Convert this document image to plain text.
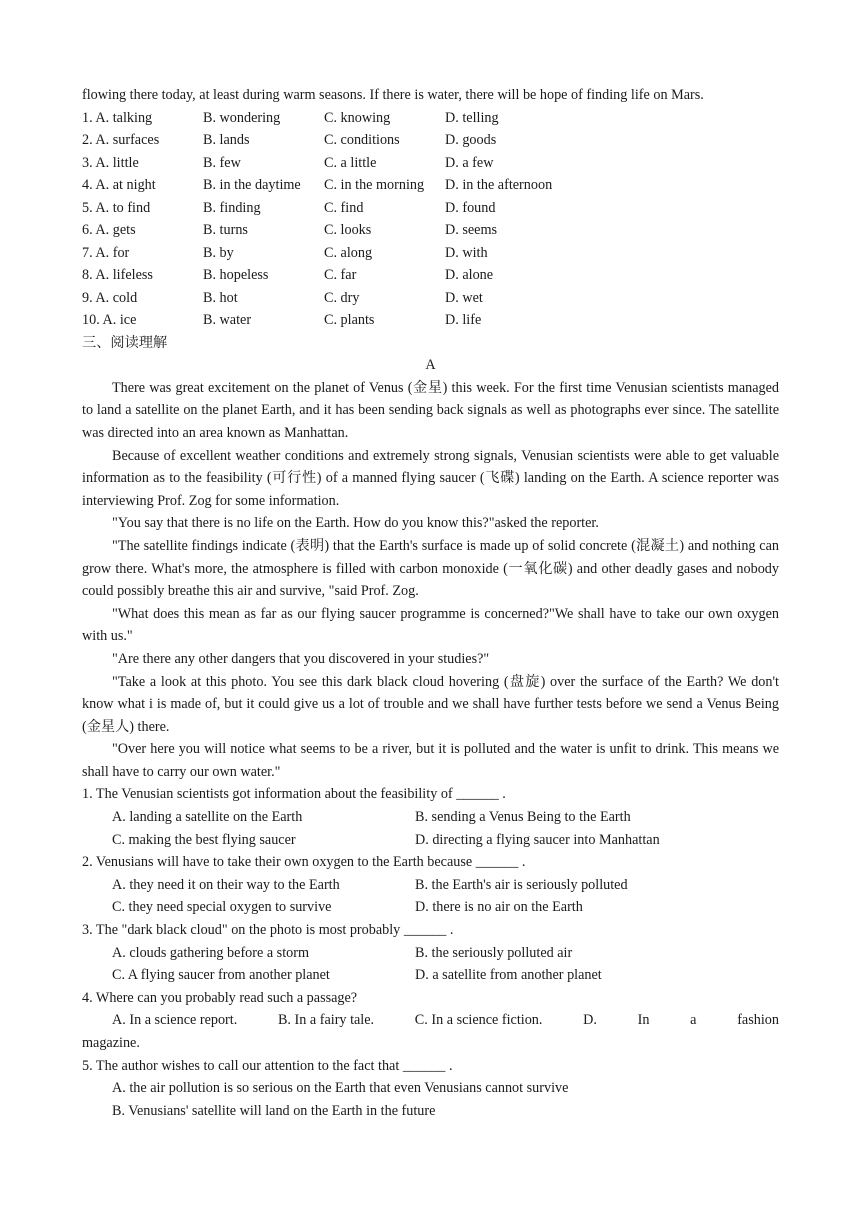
flowing there today, at least during warm seasons. If there is water, there will be hope of finding life on Mars.
1. A. talking	B. wondering	C. knowing	D. telling
2. A. surfaces	B. lands	C. conditions	D. goods
3. A. little	B. few	C. a little	D. a few
4. A. at night	B. in the daytime	C. in the morning	D. in the afternoon
5. A. to find	B. finding	C. find	D. found
6. A. gets	B. turns	C. looks	D. seems
7. A. for	B. by	C. along	D. with
8. A. lifeless	B. hopeless	C. far	D. alone
9. A. cold	B. hot	C. dry	D. wet
10. A. ice	B. water	C. plants	D. life
三、阅读理解
A

There was great excitement on the planet of Venus (金星) this week. For the first time Venusian scientists managed to land a satellite on the planet Earth, and it has been sending back signals as well as photographs ever since. The satellite was directed into an area known as Manhattan.

Because of excellent weather conditions and extremely strong signals, Venusian scientists were able to get valuable information as to the feasibility (可行性) of a manned flying saucer (飞碟) landing on the Earth. A science reporter was interviewing Prof. Zog for some information.

"You say that there is no life on the Earth. How do you know this?"asked the reporter.

"The satellite findings indicate (表明) that the Earth's surface is made up of solid concrete (混凝土) and nothing can grow there. What's more, the atmosphere is filled with carbon monoxide (一氧化碳) and other deadly gases and nobody could possibly breathe this air and survive, "said Prof. Zog.

"What does this mean as far as our flying saucer programme is concerned?"We shall have to take our own oxygen with us."

"Are there any other dangers that you discovered in your studies?"

"Take a look at this photo. You see this dark black cloud hovering (盘旋) over the surface of the Earth? We don't know what i is made of, but it could give us a lot of trouble and we shall have further tests before we send a Venus Being (金星人) there.

"Over here you will notice what seems to be a river, but it is polluted and the water is unfit to drink. This means we shall have to carry our own water."

1. The Venusian scientists got information about the feasibility of ______ .

A. landing a satellite on the Earth	B. sending a Venus Being to the Earth
C. making the best flying saucer	D. directing a flying saucer into Manhattan

2. Venusians will have to take their own oxygen to the Earth because ______ .

A. they need it on their way to the Earth	B. the Earth's air is seriously polluted
C. they need special oxygen to survive	D. there is no air on the Earth

3. The "dark black cloud" on the photo is most probably ______ .

A. clouds gathering before a storm	B. the seriously polluted air
C. A flying saucer from another planet	D. a satellite from another planet

4. Where can you probably read such a passage?

A. In a science report.	B. In a fairy tale.	C. In a science fiction.	D.	In	a	fashion
magazine.

5. The author wishes to call our attention to the fact that ______ .

A. the air pollution is so serious on the Earth that even Venusians cannot survive
B. Venusians' satellite will land on the Earth in the future
